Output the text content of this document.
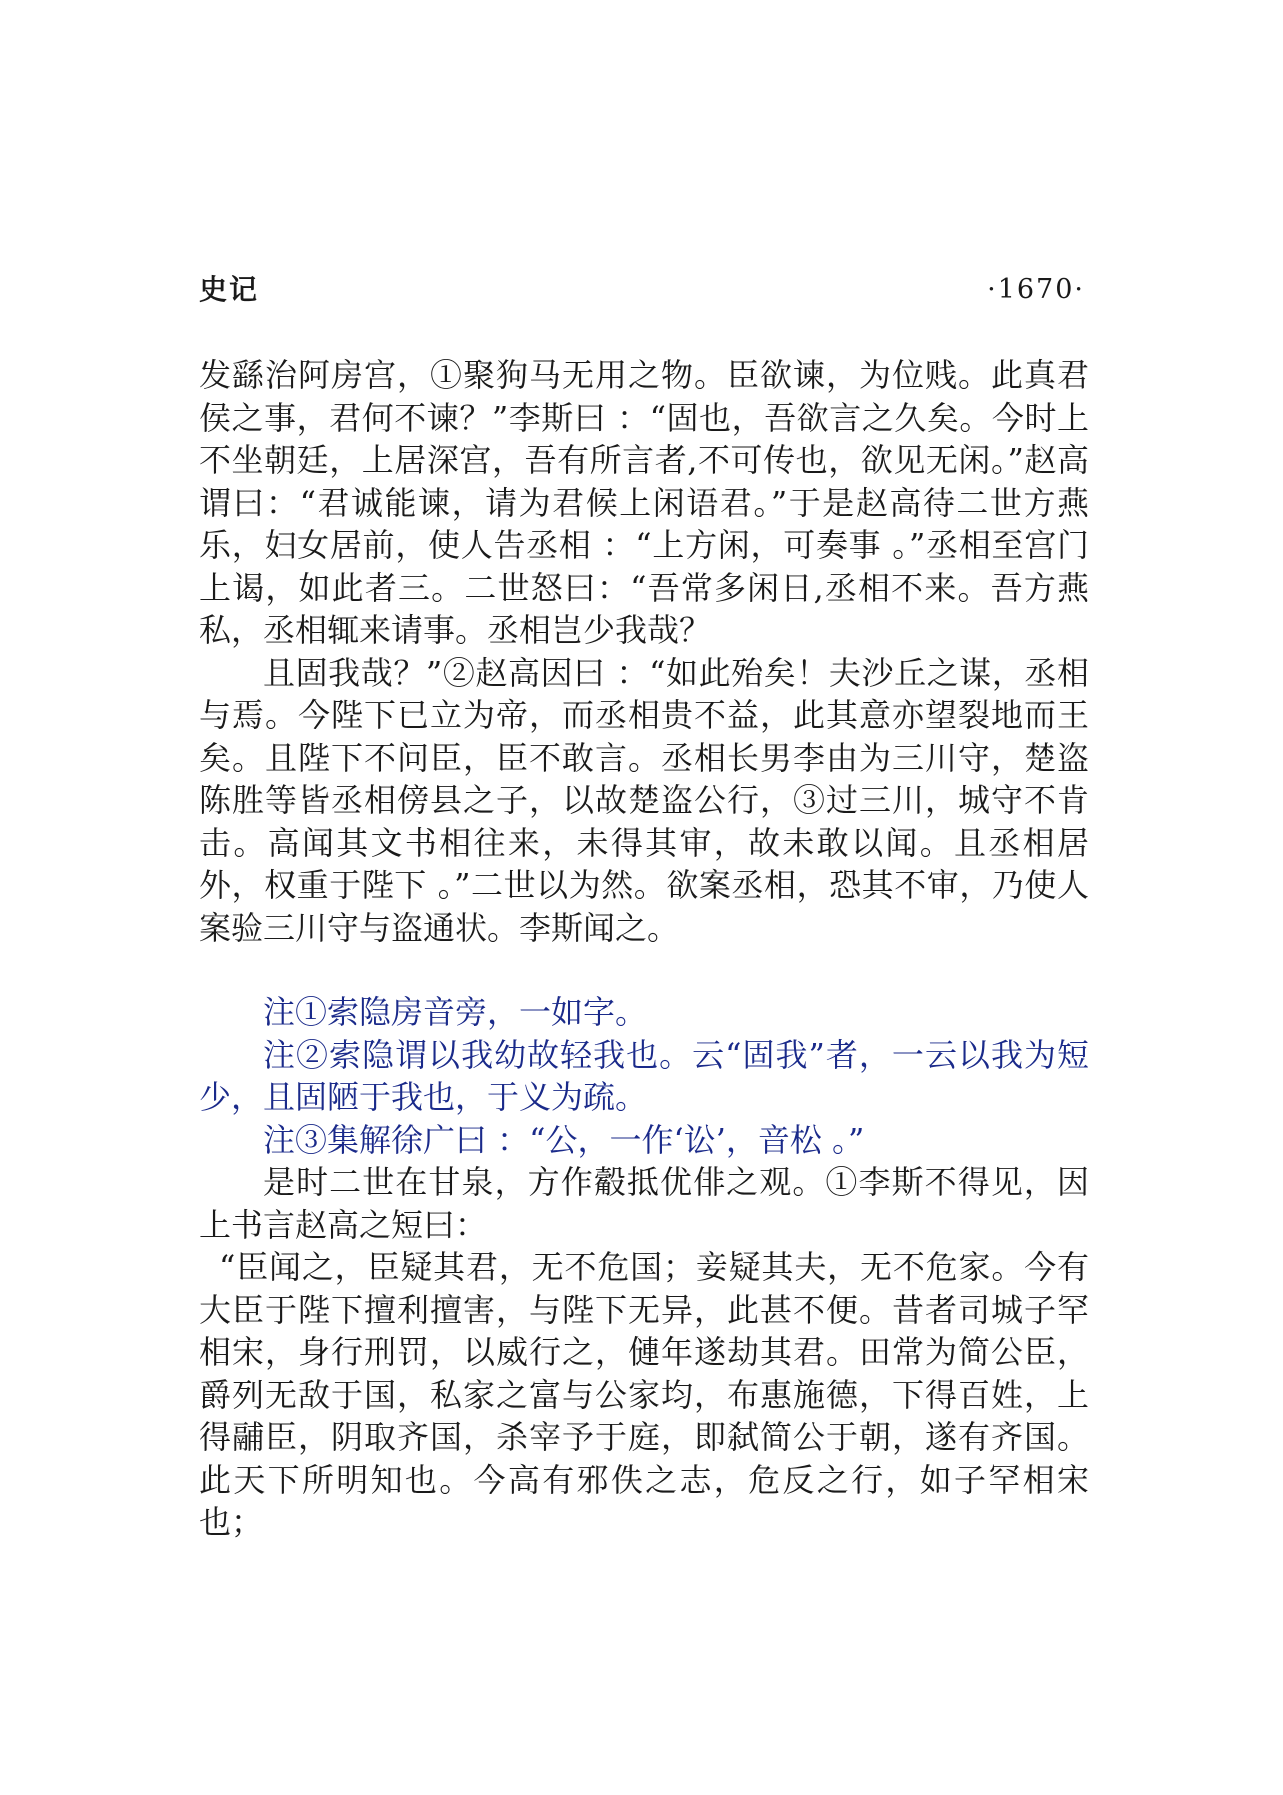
史记	·1670·

发繇治阿房宫，①聚狗马无用之物。臣欲谏，为位贱。此真君侯之事，君何不谏？”李斯曰 ：“固也，吾欲言之久矣。今时上不坐朝廷，上居深宫，吾有所言者,不可传也，欲见无闲。”赵高谓曰：“君诚能谏，请为君候上闲语君。”于是赵高待二世方燕乐，妇女居前，使人告丞相 ：“上方闲，可奏事 。”丞相至宫门上谒，如此者三。二世怒曰：“吾常多闲日,丞相不来。吾方燕私，丞相辄来请事。丞相岂少我哉？

且固我哉？”②赵高因曰 ：“如此殆矣！夫沙丘之谋，丞相与焉。今陛下已立为帝，而丞相贵不益，此其意亦望裂地而王矣。且陛下不问臣，臣不敢言。丞相长男李由为三川守，楚盗陈胜等皆丞相傍县之子，以故楚盗公行，③过三川，城守不肯击。高闻其文书相往来，未得其审，故未敢以闻。且丞相居外，权重于陛下 。”二世以为然。欲案丞相，恐其不审，乃使人案验三川守与盗通状。李斯闻之。

注①索隐房音旁，一如字。

注②索隐谓以我幼故轻我也。云“固我”者，一云以我为短少，且固陋于我也，于义为疏。

注③集解徐广曰 ：“公，一作‘讼’，音松 。”

是时二世在甘泉，方作觳抵优俳之观。①李斯不得见，因上书言赵高之短曰：

“臣闻之，臣疑其君，无不危国；妾疑其夫，无不危家。今有大臣于陛下擅利擅害，与陛下无异，此甚不便。昔者司城子罕相宋，身行刑罚，以威行之，僆年遂劫其君。田常为简公臣，爵列无敌于国，私家之富与公家均，布惠施德，下得百姓，上得鬴臣，阴取齐国，杀宰予于庭，即弑简公于朝，遂有齐国。此天下所明知也。今高有邪佚之志，危反之行，如子罕相宋也；
